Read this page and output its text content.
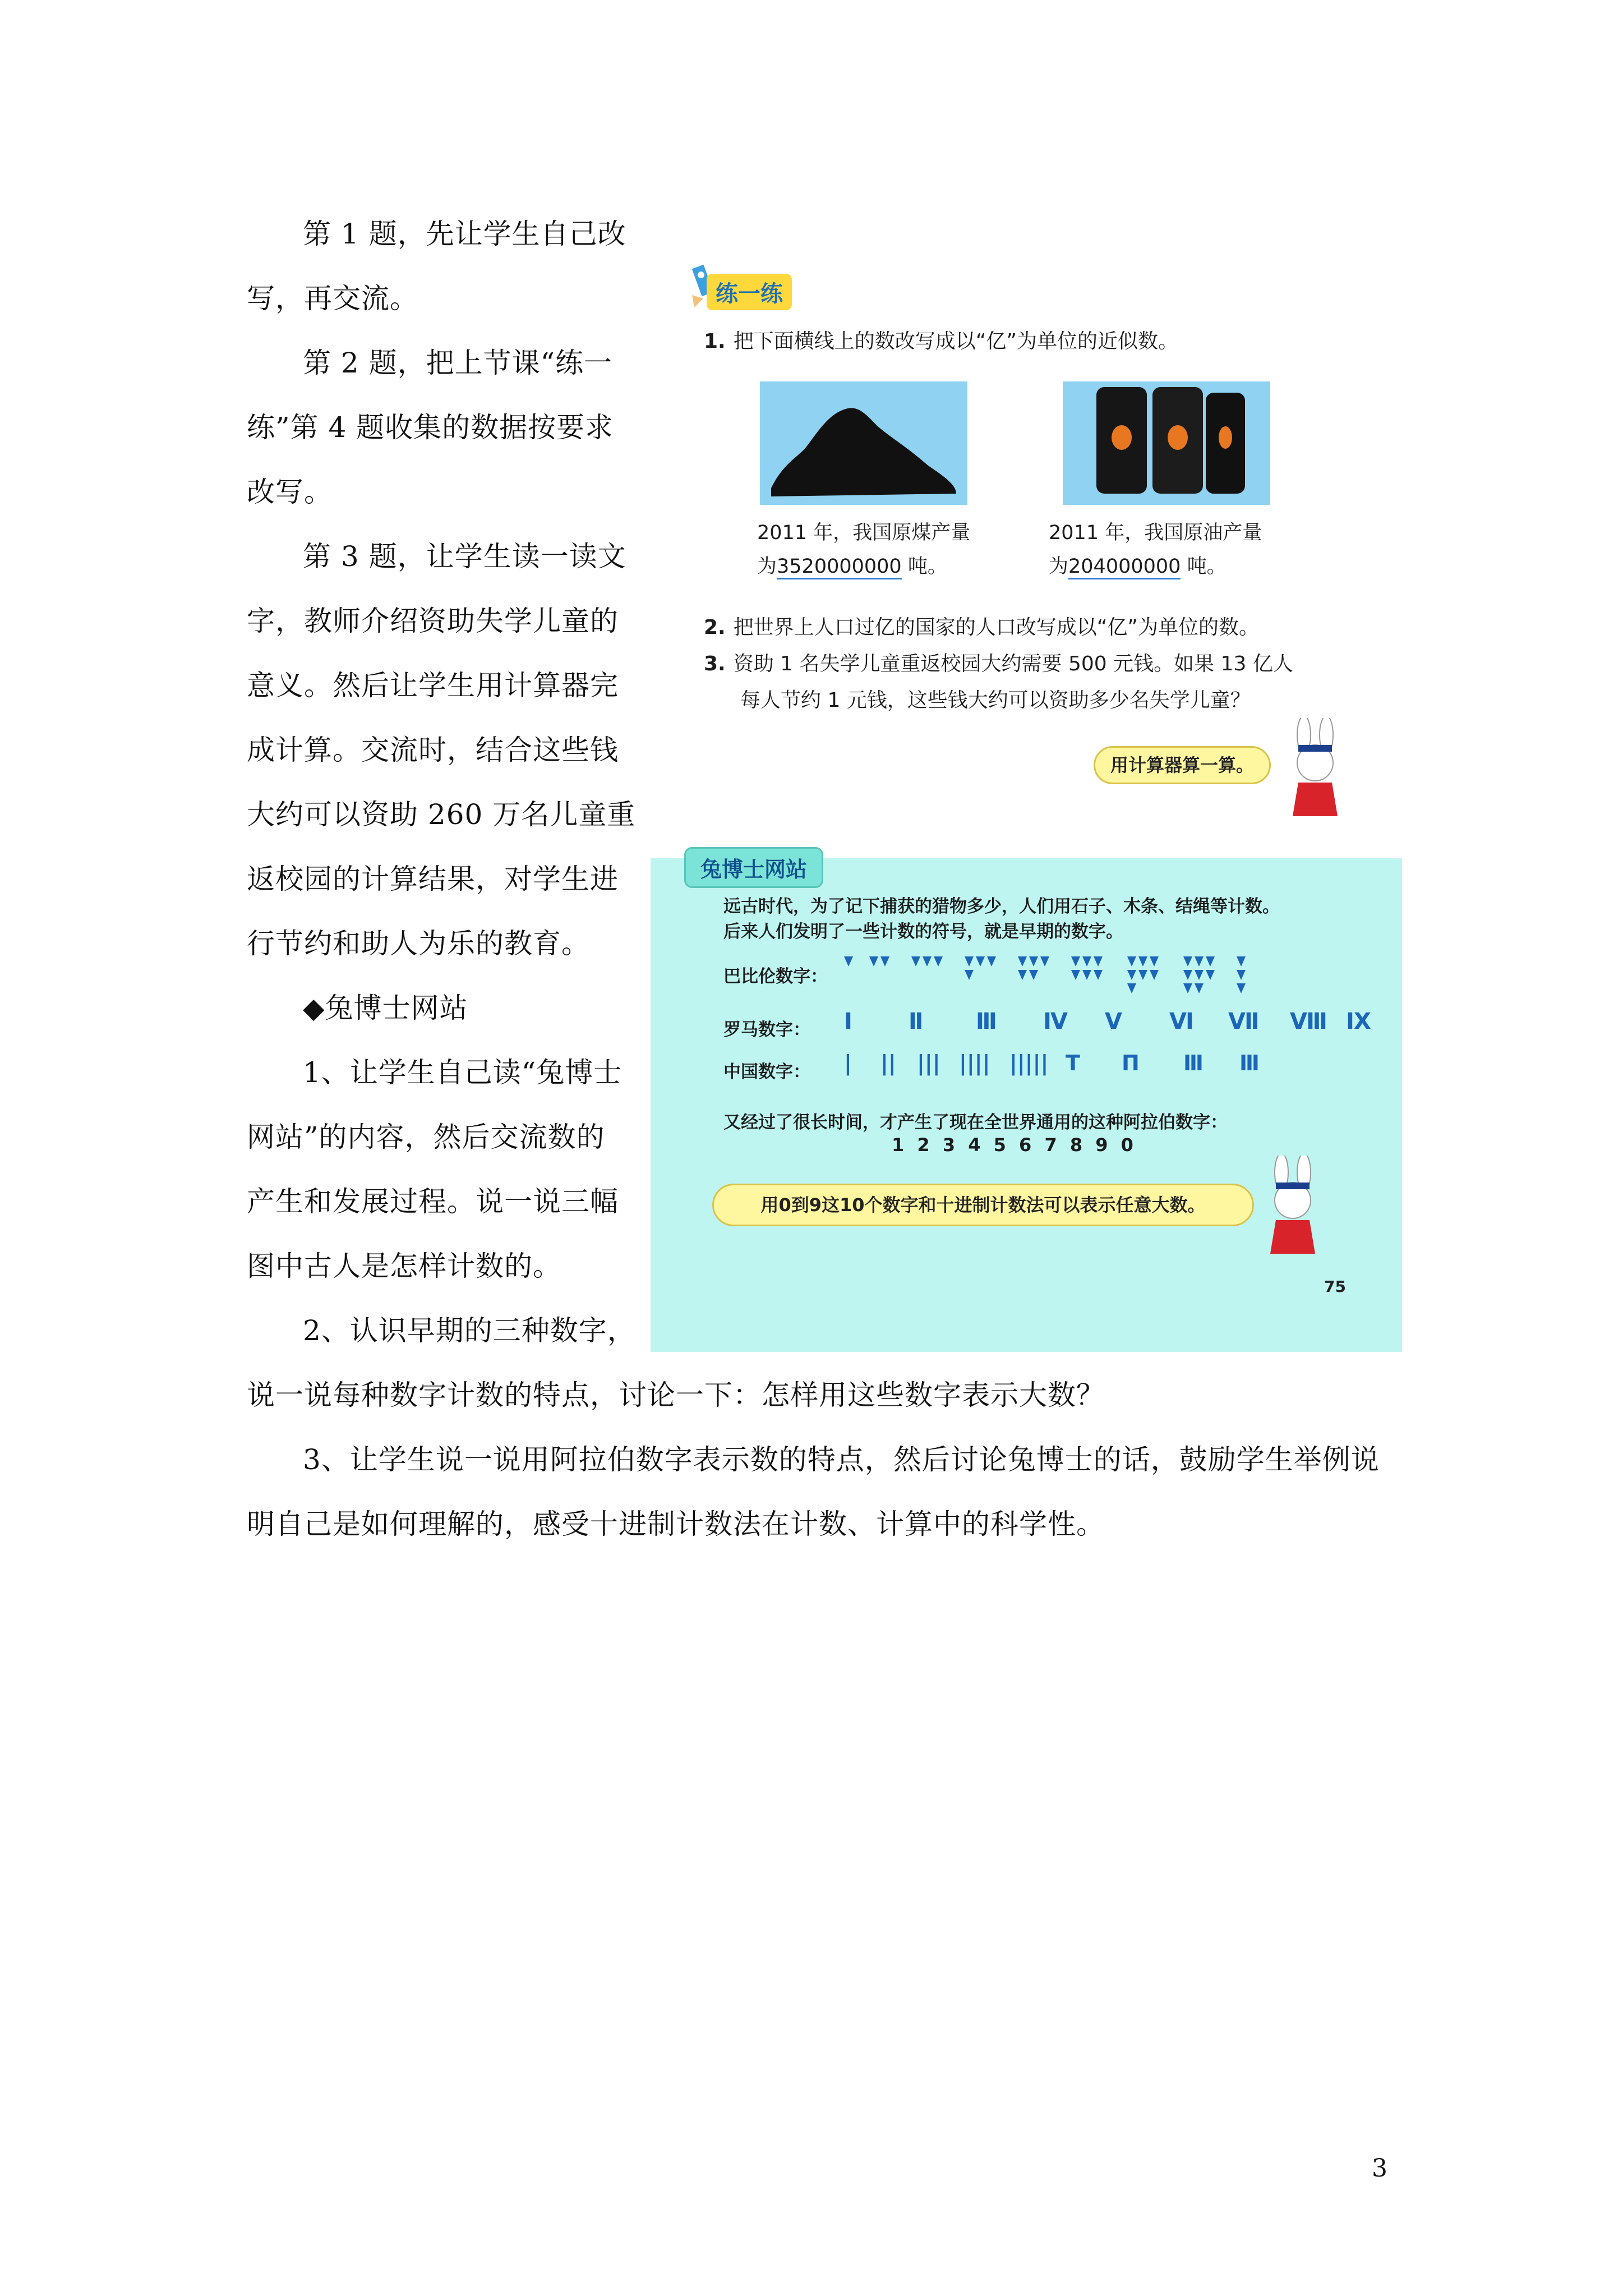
第 1 题，先让学生自己改
写，再交流。
第 2 题，把上节课“练一
练”第 4 题收集的数据按要求
改写。
第 3 题，让学生读一读文
字，教师介绍资助失学儿童的
意义。然后让学生用计算器完
成计算。交流时，结合这些钱
大约可以资助 260 万名儿童重
返校园的计算结果，对学生进
行节约和助人为乐的教育。
◆兔博士网站
1、让学生自己读“兔博士
网站”的内容，然后交流数的
产生和发展过程。说一说三幅
图中古人是怎样计数的。
2、认识早期的三种数字，
说一说每种数字计数的特点，讨论一下：怎样用这些数字表示大数？
3、让学生说一说用阿拉伯数字表示数的特点，然后讨论兔博士的话，鼓励学生举例说
明自己是如何理解的，感受十进制计数法在计数、计算中的科学性。
3
练一练
1. 把下面横线上的数改写成以“亿”为单位的近似数。
2011 年，我国原煤产量
为3520000000 吨。
2011 年，我国原油产量
为204000000 吨。
2. 把世界上人口过亿的国家的人口改写成以“亿”为单位的数。
3. 资助 1 名失学儿童重返校园大约需要 500 元钱。如果 13 亿人
每人节约 1 元钱，这些钱大约可以资助多少名失学儿童？
用计算器算一算。
兔博士网站
远古时代，为了记下捕获的猎物多少，人们用石子、木条、结绳等计数。
后来人们发明了一些计数的符号，就是早期的数字。
巴比伦数字：
罗马数字： Ⅰ	Ⅱ Ⅲ Ⅳ Ⅴ Ⅵ Ⅶ Ⅷ Ⅸ
中国数字： | || ||| |||| ||||| T Π Ⅲ Ⅲ
又经过了很长时间，才产生了现在全世界通用的这种阿拉伯数字：
1 2 3 4 5 6 7 8 9 0
用0到9这10个数字和十进制计数法可以表示任意大数。
75
